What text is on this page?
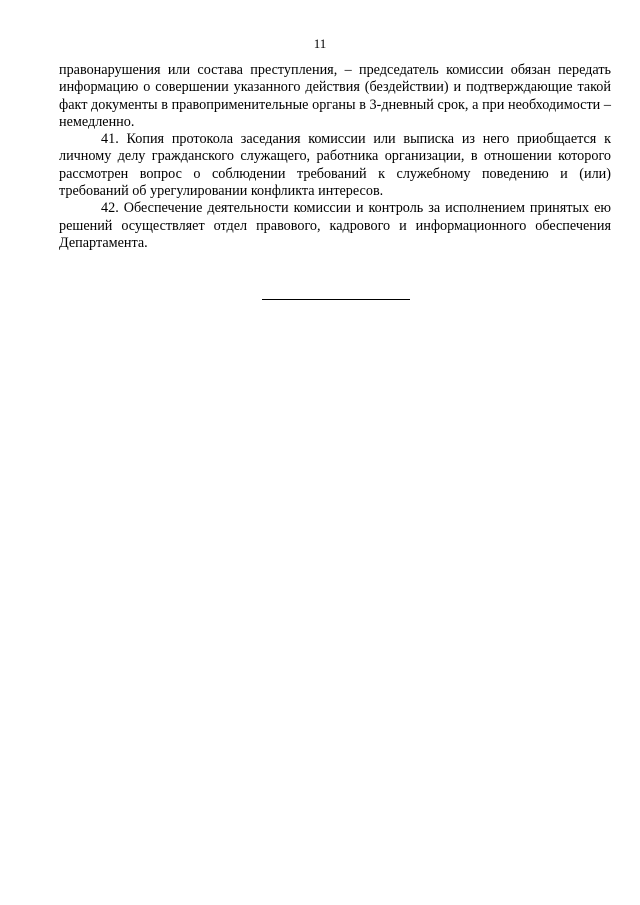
11

правонарушения или состава преступления, – председатель комиссии обязан передать информацию о совершении указанного действия (бездействии) и подтверждающие такой факт документы в правоприменительные органы в 3-дневный срок, а при необходимости – немедленно.

41. Копия протокола заседания комиссии или выписка из него приобщается к личному делу гражданского служащего, работника организации, в отношении которого рассмотрен вопрос о соблюдении требований к служебному поведению и (или) требований об урегулировании конфликта интересов.

42. Обеспечение деятельности комиссии и контроль за исполнением принятых ею решений осуществляет отдел правового, кадрового и информационного обеспечения Департамента.
